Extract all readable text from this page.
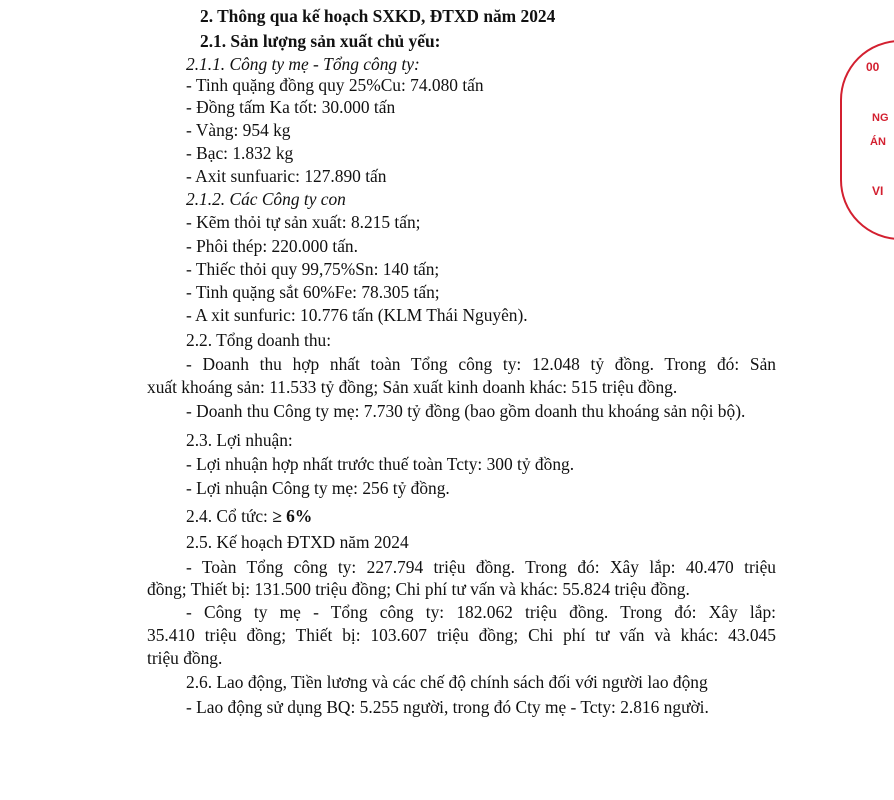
2. Thông qua kế hoạch SXKD, ĐTXD năm 2024

2.1. Sản lượng sản xuất chủ yếu:

2.1.1. Công ty mẹ - Tổng công ty:

- Tinh quặng đồng quy 25%Cu: 74.080 tấn

- Đồng tấm Ka tốt: 30.000 tấn

- Vàng: 954 kg

- Bạc: 1.832 kg

- Axit sunfuaric: 127.890 tấn

2.1.2. Các Công ty con

- Kẽm thỏi tự sản xuất: 8.215 tấn;

- Phôi thép: 220.000 tấn.

- Thiếc thỏi quy 99,75%Sn: 140 tấn;

- Tinh quặng sắt 60%Fe: 78.305 tấn;

- A xit sunfuric: 10.776 tấn (KLM Thái Nguyên).

2.2. Tổng doanh thu:

- Doanh thu hợp nhất toàn Tổng công ty: 12.048 tỷ đồng. Trong đó: Sản

xuất khoáng sản: 11.533 tỷ đồng; Sản xuất kinh doanh khác: 515 triệu đồng.

- Doanh thu Công ty mẹ: 7.730 tỷ đồng (bao gồm doanh thu khoáng sản nội bộ).

2.3. Lợi nhuận:

- Lợi nhuận hợp nhất trước thuế toàn Tcty: 300 tỷ đồng.

- Lợi nhuận Công ty mẹ: 256 tỷ đồng.

2.4. Cổ tức: ≥ 6%

2.5. Kế hoạch ĐTXD năm 2024

- Toàn Tổng công ty: 227.794 triệu đồng. Trong đó: Xây lắp: 40.470 triệu

đồng; Thiết bị: 131.500 triệu đồng; Chi phí tư vấn và khác: 55.824 triệu đồng.

- Công ty mẹ - Tổng công ty: 182.062 triệu đồng. Trong đó: Xây lắp:

35.410 triệu đồng; Thiết bị: 103.607 triệu đồng; Chi phí tư vấn và khác: 43.045

triệu đồng.

2.6. Lao động, Tiền lương và các chế độ chính sách đối với người lao động

- Lao động sử dụng BQ: 5.255 người, trong đó Cty mẹ - Tcty: 2.816 người.

00
NG
ÁN
VI
